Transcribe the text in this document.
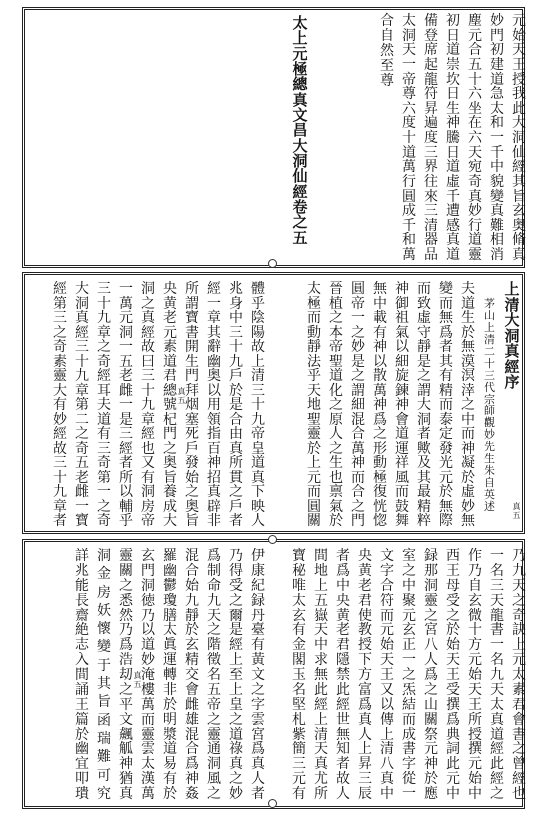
元
始
天
王
授
我
此
大
洞
仙
經
其
旨
玄
奥
脩
真
妙
門
初
建
道
急
太
和
一
千
中
貌
變
真
難
相
消
塵
元
合
五
十
六
坐
在
六
天
宛
奇
真
妙
行
道
靈
初
日
道
崇
坎
日
生
神
騰
日
道
虛
千
遭
感
真
道
備
登
席
起
龍
符
昇
遍
度
三
界
往
來
三
清
器
品
太
洞
天
一
帝
尊
六
度
十
道
萬
行
圓
成
千
和
萬
合
自
然
至
尊
太
上
元
極
總
真
文
昌
大
洞
仙
經
卷
之
五
上
清
大
洞
真
經
序
茅
山
上
清
二
十
三
代
宗
師
觀
妙
先
生
朱
自
英
述 真
五
夫
道
生
於
無
漠
溟
涬
之
中
而
神
凝
於
虛
妙
無
變
而
無
爲
者
其
有
精
而
泰
定
發
光
元
於
無
際
而
致
虛
守
靜
是
之
謂
大
洞
者
歟
及
其
最
精
粹
神
御
祖
氣
以
細
旋
鍊
神
會
道
運
祥
風
而
鼓
舞
無
中
載
有
神
以
散
萬
神
爲
之
形
動
極
復
恍
惚
圓
帝
一
之
妙
是
之
謂
細
混
合
萬
神
而
合
之
門
晉
植
之
本
帝
聖
道
化
之
原
人
之
生
也
禀
氣
於
太
極
而
動
靜
法
乎
天
地
聖
靈
於
上
元
而
圓
關
體
乎
陰
陽
故
上
清
三
十
九
帝
皇
道
真
下
映
人
兆
身
中
三
十
九
戶
於
是
合
由
真
所
貫
之
戶
者
經
一
章
其
辭
幽
奥
以
用
領
指
百
神
招
真
辟
非
所
謂
寶
書
開
生
門
拜
烟
塞
死
戶
發
始
之
奥
旨
央
黄
老
元
素
道
君
總
號
杞
門
之
奥
旨
養
成
大
洞
之
真
經
故
曰
三
十
九
章
經
也
又
有
洞
房
帝
一
萬
元
洞
一
五
老
雌
一
是
三
經
者
所
以
輔
乎
三
十
九
章
之
奇
經
耳
夫
道
有
三
奇
第
一
之
奇
大
洞
真
經
三
十
九
章
第
二
之
奇
五
老
雌
一
寶
經
第
三
之
奇
素
靈
大
有
妙
經
故
三
十
九
章
者
真
五
乃
九
天
之
奇
訣
上
元
太
素
君
會
書
之
曾
經
也
一
名
三
天
龍
書
一
名
九
天
太
真
道
經
此
經
之
作
乃
自
玄
微
十
方
元
始
天
王
所
授
撰
元
始
中
西
王
母
受
之
於
始
天
王
受
撰
爲
典
詞
此
元
中
録
那
洞
靈
之
宮
八
人
爲
之
山
關
祭
元
神
於
應
室
之
中
聚
元
玄
正
一
之
炁
結
而
成
書
字
從
一
文
字
合
符
而
元
始
天
王
又
以
傳
上
清
八
真
中
央
黄
老
君
使
教
授
下
方
富
爲
真
人
上
昇
三
辰
者
爲
中
央
黄
老
君
隱
禁
此
經
世
無
知
者
故
人
間
地
上
五
嶽
天
中
求
無
此
經
上
清
天
真
尤
所
寶
秘
唯
太
玄
有
金
閣
玉
名
堅
札
紫
簡
三
元
有
伊
康
紀
録
丹
臺
有
黃
文
之
字
雲
宮
爲
真
人
者
乃
得
受
之
爾
是
經
上
至
上
皇
之
道
祿
真
之
妙
爲
制
命
九
天
之
階
徵
名
五
帝
之
靈
通
洞
風
之
混
合
始
九
靜
於
玄
精
交
會
雌
雄
混
合
爲
神
姦
羅
幽
鬱
瓊
膳
太
眞
運
轉
非
於
明
漿
道
易
有
於
玄
門
洞
徳
乃
以
道
妙
淹
樓
萬
而
靈
雲
太
漢
萬
靈
關
之
悉
然
乃
爲
浩
刧
之
平
文
飆
觚
神
猶
真
洞
金
房
妖
懷
變
于
其
旨
函
瑞
難
可
究
詳
兆
能
長
齋
絶
志
入
間
誦
王
篇
於
幽
宜
叩
璝
真
五
